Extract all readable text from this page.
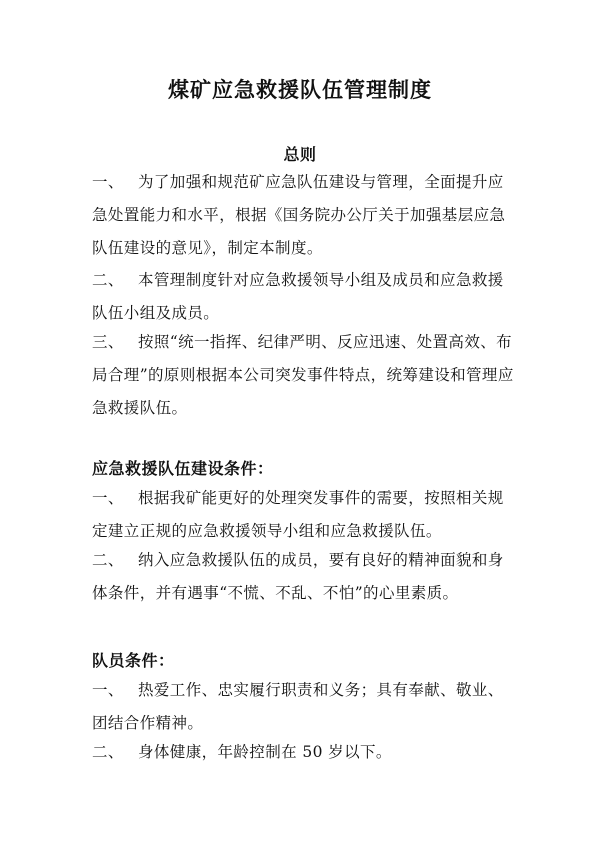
煤矿应急救援队伍管理制度
总则
一、 为了加强和规范矿应急队伍建设与管理，全面提升应急处置能力和水平，根据《国务院办公厅关于加强基层应急队伍建设的意见》，制定本制度。
二、 本管理制度针对应急救援领导小组及成员和应急救援队伍小组及成员。
三、 按照“统一指挥、纪律严明、反应迅速、处置高效、布局合理”的原则根据本公司突发事件特点，统筹建设和管理应急救援队伍。
应急救援队伍建设条件：
一、 根据我矿能更好的处理突发事件的需要，按照相关规定建立正规的应急救援领导小组和应急救援队伍。
二、 纳入应急救援队伍的成员，要有良好的精神面貌和身体条件，并有遇事“不慌、不乱、不怕”的心里素质。
队员条件：
一、 热爱工作、忠实履行职责和义务；具有奉献、敬业、团结合作精神。
二、 身体健康，年龄控制在 50 岁以下。
